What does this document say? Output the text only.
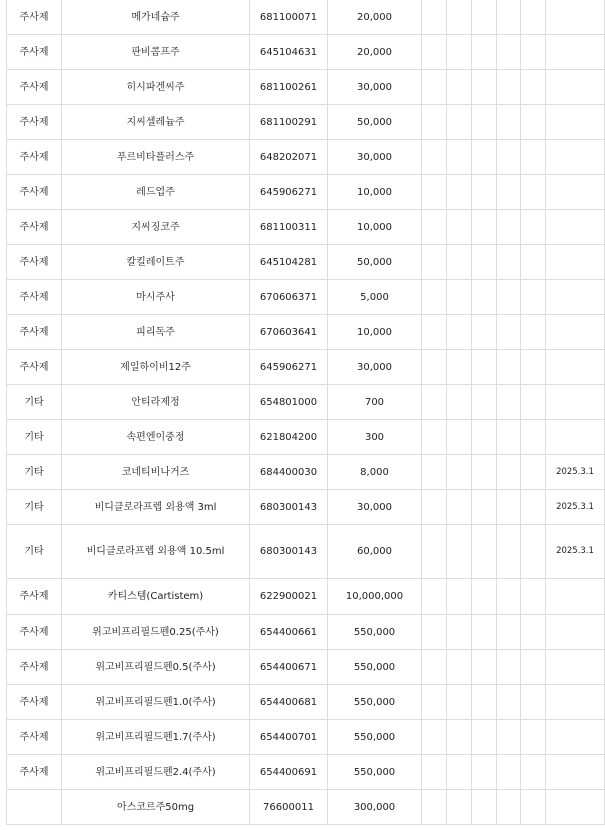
주사제	메가네슘주	681100071	20,000						
주사제	판비콤프주	645104631	20,000						
주사제	히시파겐씨주	681100261	30,000						
주사제	지씨셀레늄주	681100291	50,000						
주사제	푸르비타플러스주	648202071	30,000						
주사제	레드업주	645906271	10,000						
주사제	지씨징코주	681100311	10,000						
주사제	칼킬레이트주	645104281	50,000						
주사제	마시주사	670606371	5,000						
주사제	피리독주	670603641	10,000						
주사제	제일하이비12주	645906271	30,000						
기타	안티라제정	654801000	700						
기타	속편엔이중정	621804200	300						
기타	코네티비나거즈	684400030	8,000						2025.3.1
기타	비디클로라프렙 외용액 3ml	680300143	30,000						2025.3.1
기타	비디클로라프렙 외용액 10.5ml	680300143	60,000						2025.3.1
주사제	카티스템(Cartistem)	622900021	10,000,000						
주사제	위고비프리필드펜0.25(주사)	654400661	550,000						
주사제	위고비프리필드펜0.5(주사)	654400671	550,000						
주사제	위고비프리필드펜1.0(주사)	654400681	550,000						
주사제	위고비프리필드펜1.7(주사)	654400701	550,000						
주사제	위고비프리필드펜2.4(주사)	654400691	550,000						
	아스코르주50mg	76600011	300,000						
